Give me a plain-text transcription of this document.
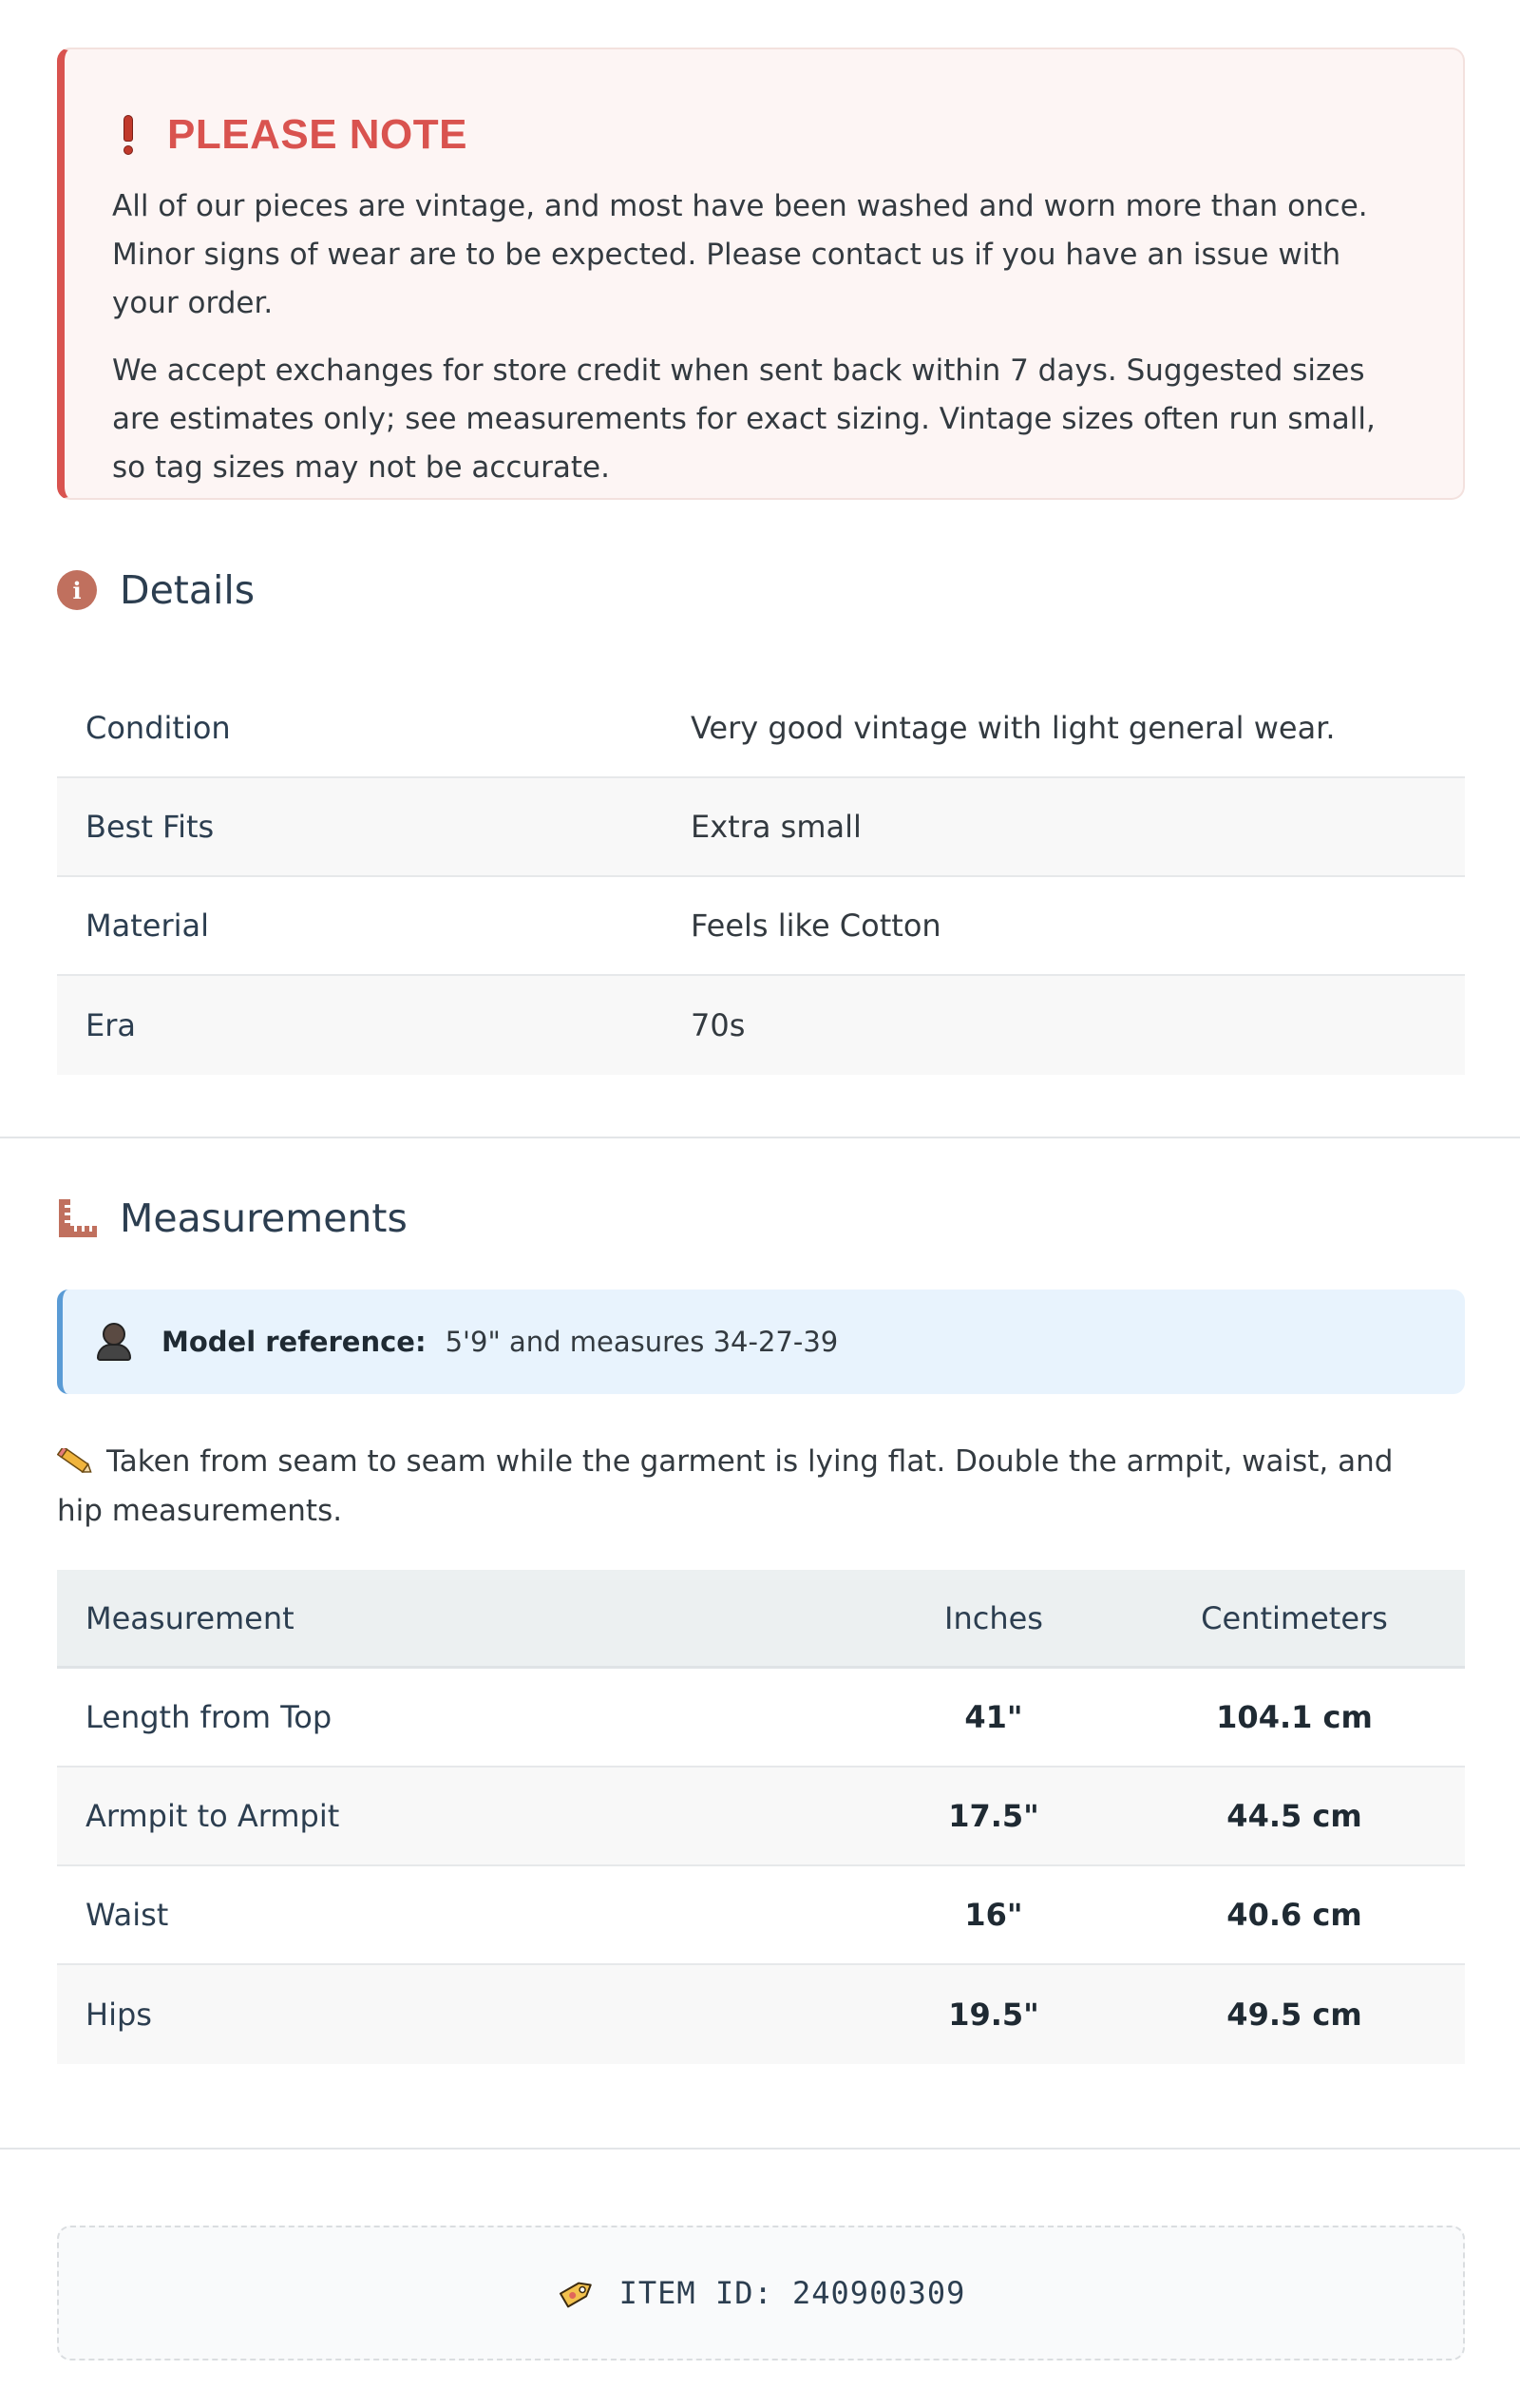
PLEASE NOTE

All of our pieces are vintage, and most have been washed and worn more than once. Minor signs of wear are to be expected. Please contact us if you have an issue with your order.

We accept exchanges for store credit when sent back within 7 days. Suggested sizes are estimates only; see measurements for exact sizing. Vintage sizes often run small, so tag sizes may not be accurate.

i Details
Condition	Very good vintage with light general wear.
Best Fits	Extra small
Material	Feels like Cotton
Era	70s
Measurements
Model reference: 5'9" and measures 34-27-39
Taken from seam to seam while the garment is lying flat. Double the armpit, waist, and hip measurements.
Measurement	Inches	Centimeters
Length from Top	41"	104.1 cm
Armpit to Armpit	17.5"	44.5 cm
Waist	16"	40.6 cm
Hips	19.5"	49.5 cm
ITEM ID: 240900309
